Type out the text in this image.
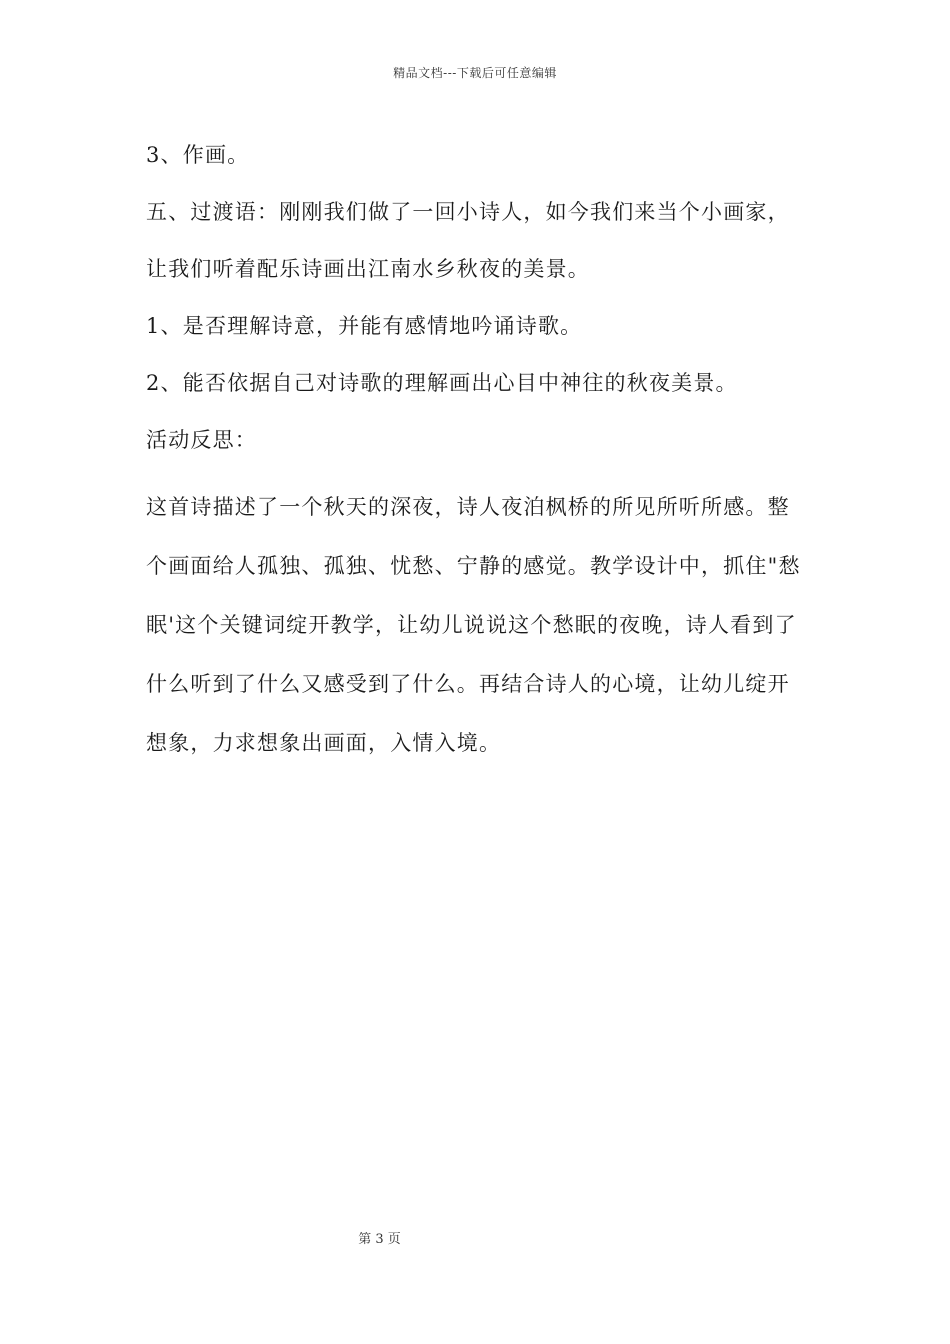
精品文档---下载后可任意编辑
3、作画。
五、过渡语：刚刚我们做了一回小诗人，如今我们来当个小画家，
让我们听着配乐诗画出江南水乡秋夜的美景。
1、是否理解诗意，并能有感情地吟诵诗歌。
2、能否依据自己对诗歌的理解画出心目中神往的秋夜美景。
活动反思：
这首诗描述了一个秋天的深夜，诗人夜泊枫桥的所见所听所感。整
个画面给人孤独、孤独、忧愁、宁静的感觉。教学设计中，抓住"愁
眠'这个关键词绽开教学，让幼儿说说这个愁眠的夜晚，诗人看到了
什么听到了什么又感受到了什么。再结合诗人的心境，让幼儿绽开
想象，力求想象出画面，入情入境。
第 3 页
